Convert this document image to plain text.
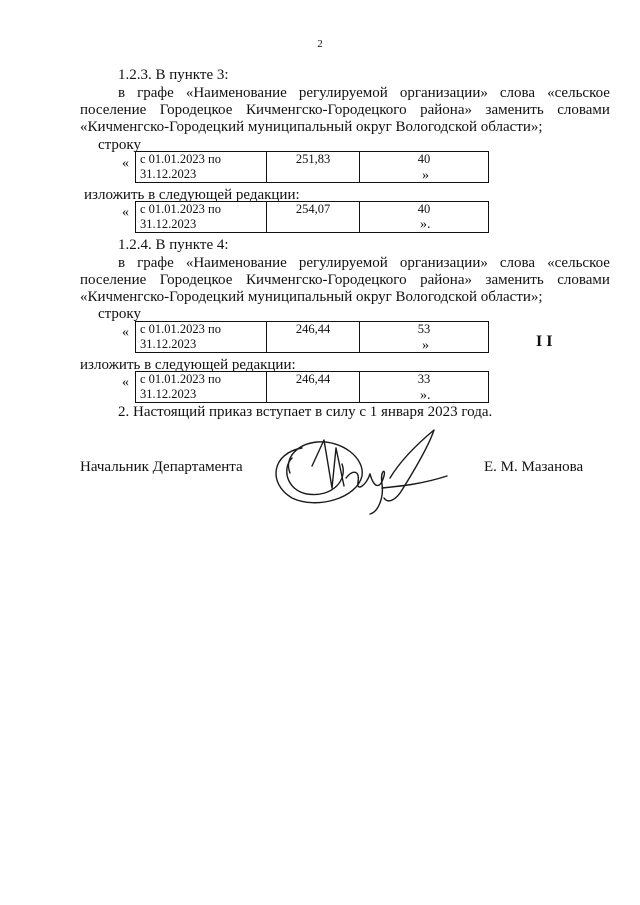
2
1.2.3. В пункте 3:
в графе «Наименование регулируемой организации» слова «сельское
поселение Городецкое Кичменгско-Городецкого района» заменить словами
«Кичменгско-Городецкий муниципальный округ Вологодской области»;
строку
« с 01.01.2023 по
31.12.2023	251,83	40
»
изложить в следующей редакции:
« с 01.01.2023 по
31.12.2023	254,07	40
».
1.2.4. В пункте 4:
в графе «Наименование регулируемой организации» слова «сельское
поселение Городецкое Кичменгско-Городецкого района» заменить словами
«Кичменгско-Городецкий муниципальный округ Вологодской области»;
строку
« с 01.01.2023 по
31.12.2023	246,44	53
»	I I
изложить в следующей редакции:
« с 01.01.2023 по
31.12.2023	246,44	33
».
2. Настоящий приказ вступает в силу с 1 января 2023 года.
Начальник Департамента	Е. М. Мазанова
